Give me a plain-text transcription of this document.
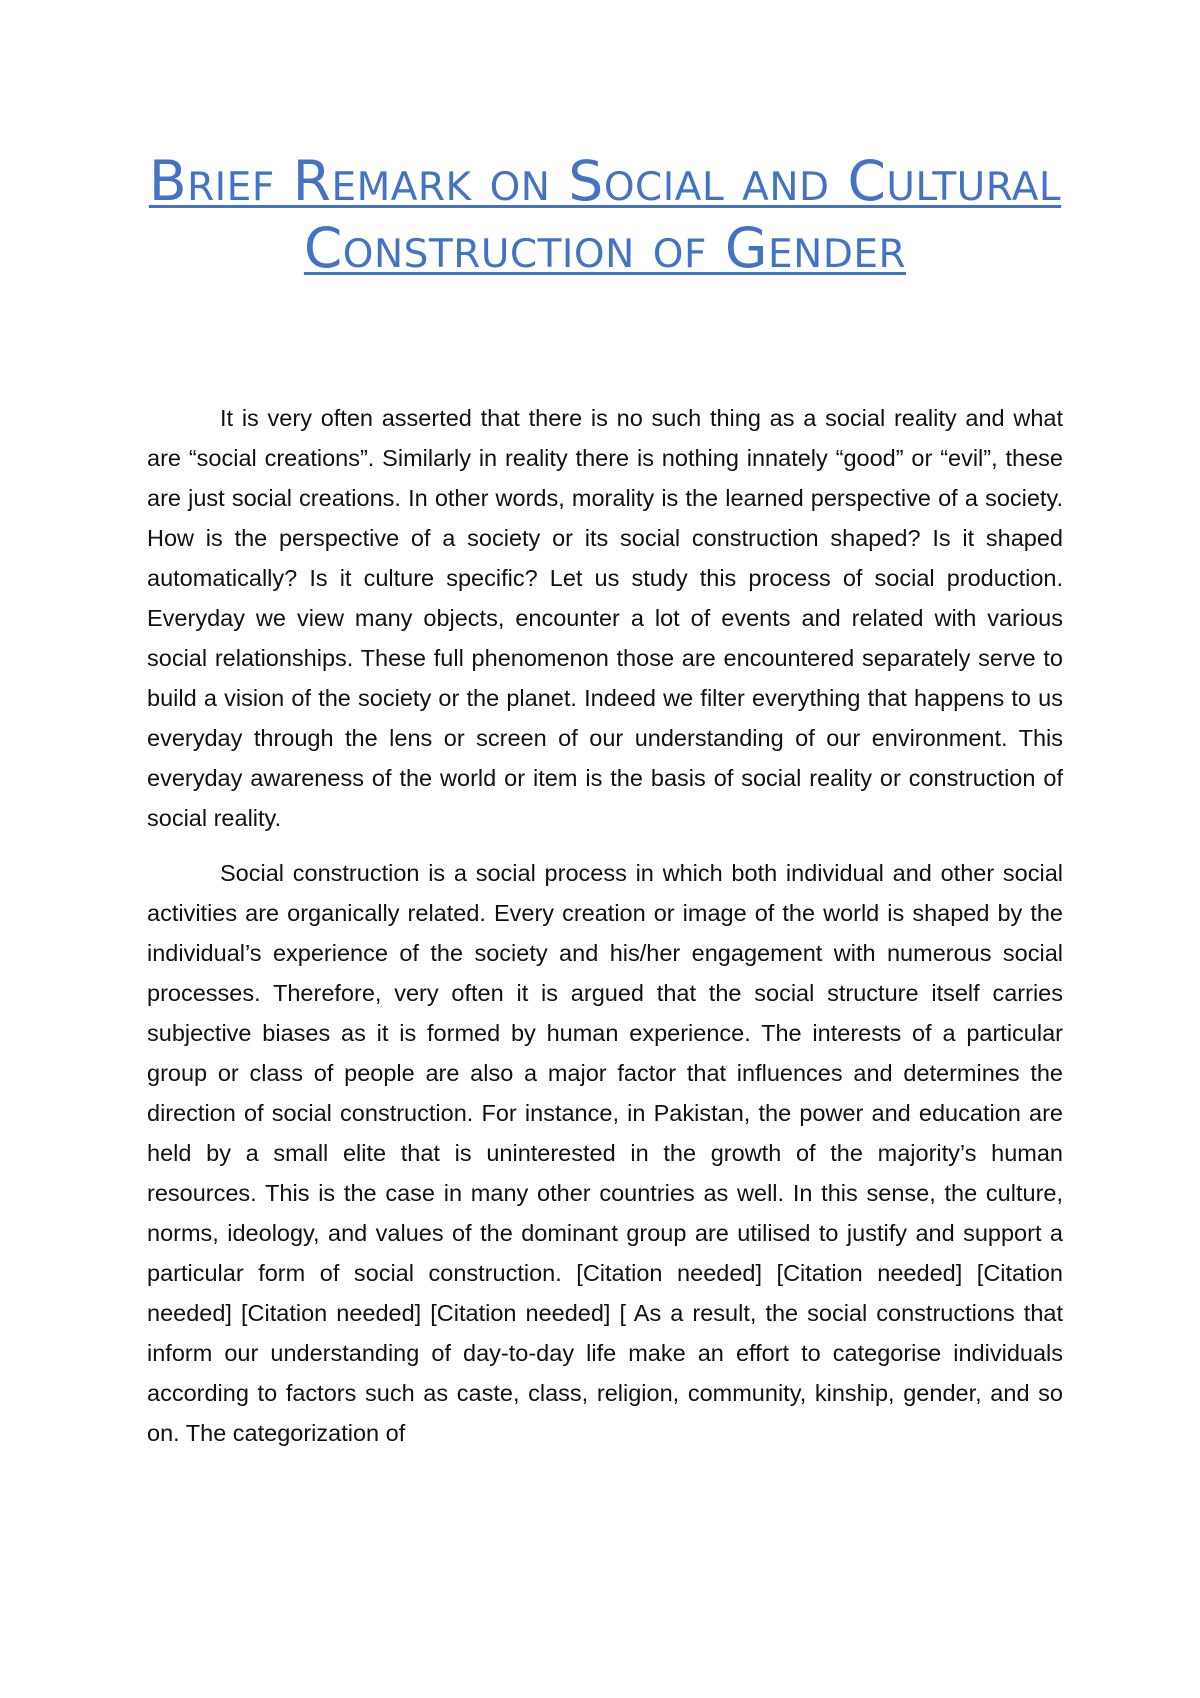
Brief Remark on Social and Cultural Construction of Gender

It is very often asserted that there is no such thing as a social reality and what are “social creations”. Similarly in reality there is nothing innately “good” or “evil”, these are just social creations. In other words, morality is the learned perspective of a society. How is the perspective of a society or its social construction shaped? Is it shaped automatically? Is it culture specific? Let us study this process of social production. Everyday we view many objects, encounter a lot of events and related with various social relationships. These full phenomenon those are encountered separately serve to build a vision of the society or the planet. Indeed we filter everything that happens to us everyday through the lens or screen of our understanding of our environment. This everyday awareness of the world or item is the basis of social reality or construction of social reality.

Social construction is a social process in which both individual and other social activities are organically related. Every creation or image of the world is shaped by the individual’s experience of the society and his/her engagement with numerous social processes. Therefore, very often it is argued that the social structure itself carries subjective biases as it is formed by human experience. The interests of a particular group or class of people are also a major factor that influences and determines the direction of social construction. For instance, in Pakistan, the power and education are held by a small elite that is uninterested in the growth of the majority’s human resources. This is the case in many other countries as well. In this sense, the culture, norms, ideology, and values of the dominant group are utilised to justify and support a particular form of social construction. [Citation needed] [Citation needed] [Citation needed] [Citation needed] [Citation needed] [ As a result, the social constructions that inform our understanding of day-to-day life make an effort to categorise individuals according to factors such as caste, class, religion, community, kinship, gender, and so on. The categorization of
